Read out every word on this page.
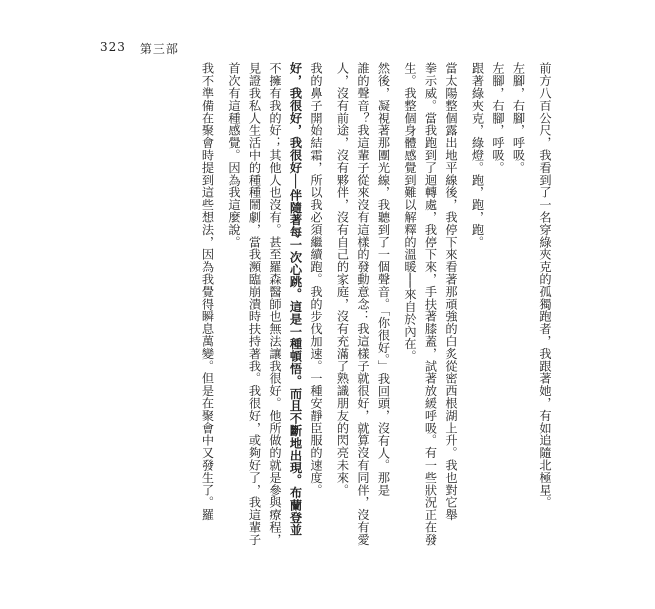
323 第三部

前方八百公尺，我看到了一名穿綠夾克的孤獨跑者，我跟著她，有如追隨北極星。

左腳，右腳，呼吸。

左腳，右腳，呼吸。

跟著綠夾克，綠燈。跑，跑，跑。

當太陽整個露出地平線後，我停下來看著那頑強的白炙從密西根湖上升。我也對它舉

拳示威。當我跑到了迴轉處，我停下來，手扶著膝蓋，試著放緩呼吸。有一些狀況正在發

生。我整個身體感覺到難以解釋的溫暖──來自於內在。

然後，凝視著那團光線，我聽到了一個聲音。「你很好。」我回頭，沒有人。那是

誰的聲音？我這輩子從來沒有這樣的發動意念：我這樣子就很好，就算沒有同伴，沒有愛

人，沒有前途，沒有夥伴，沒有自己的家庭，沒有充滿了熟識朋友的閃亮未來。

我的鼻子開始結霜，所以我必須繼續跑。我的步伐加速。一種安靜臣服的速度。

好，我很好，我很好──伴隨著每一次心跳。這是一種頓悟。而且不斷地出現。布蘭登並

不擁有我的好；其他人也沒有。甚至羅森醫師也無法讓我很好。他所做的就是參與療程，

見證我私人生活中的種種鬧劇，當我瀕臨崩潰時扶持著我。我很好，或夠好了，我這輩子

首次有這種感覺。因為我這麼說。

我不準備在聚會時提到這些想法，因為我覺得瞬息萬變。但是在聚會中又發生了。羅
